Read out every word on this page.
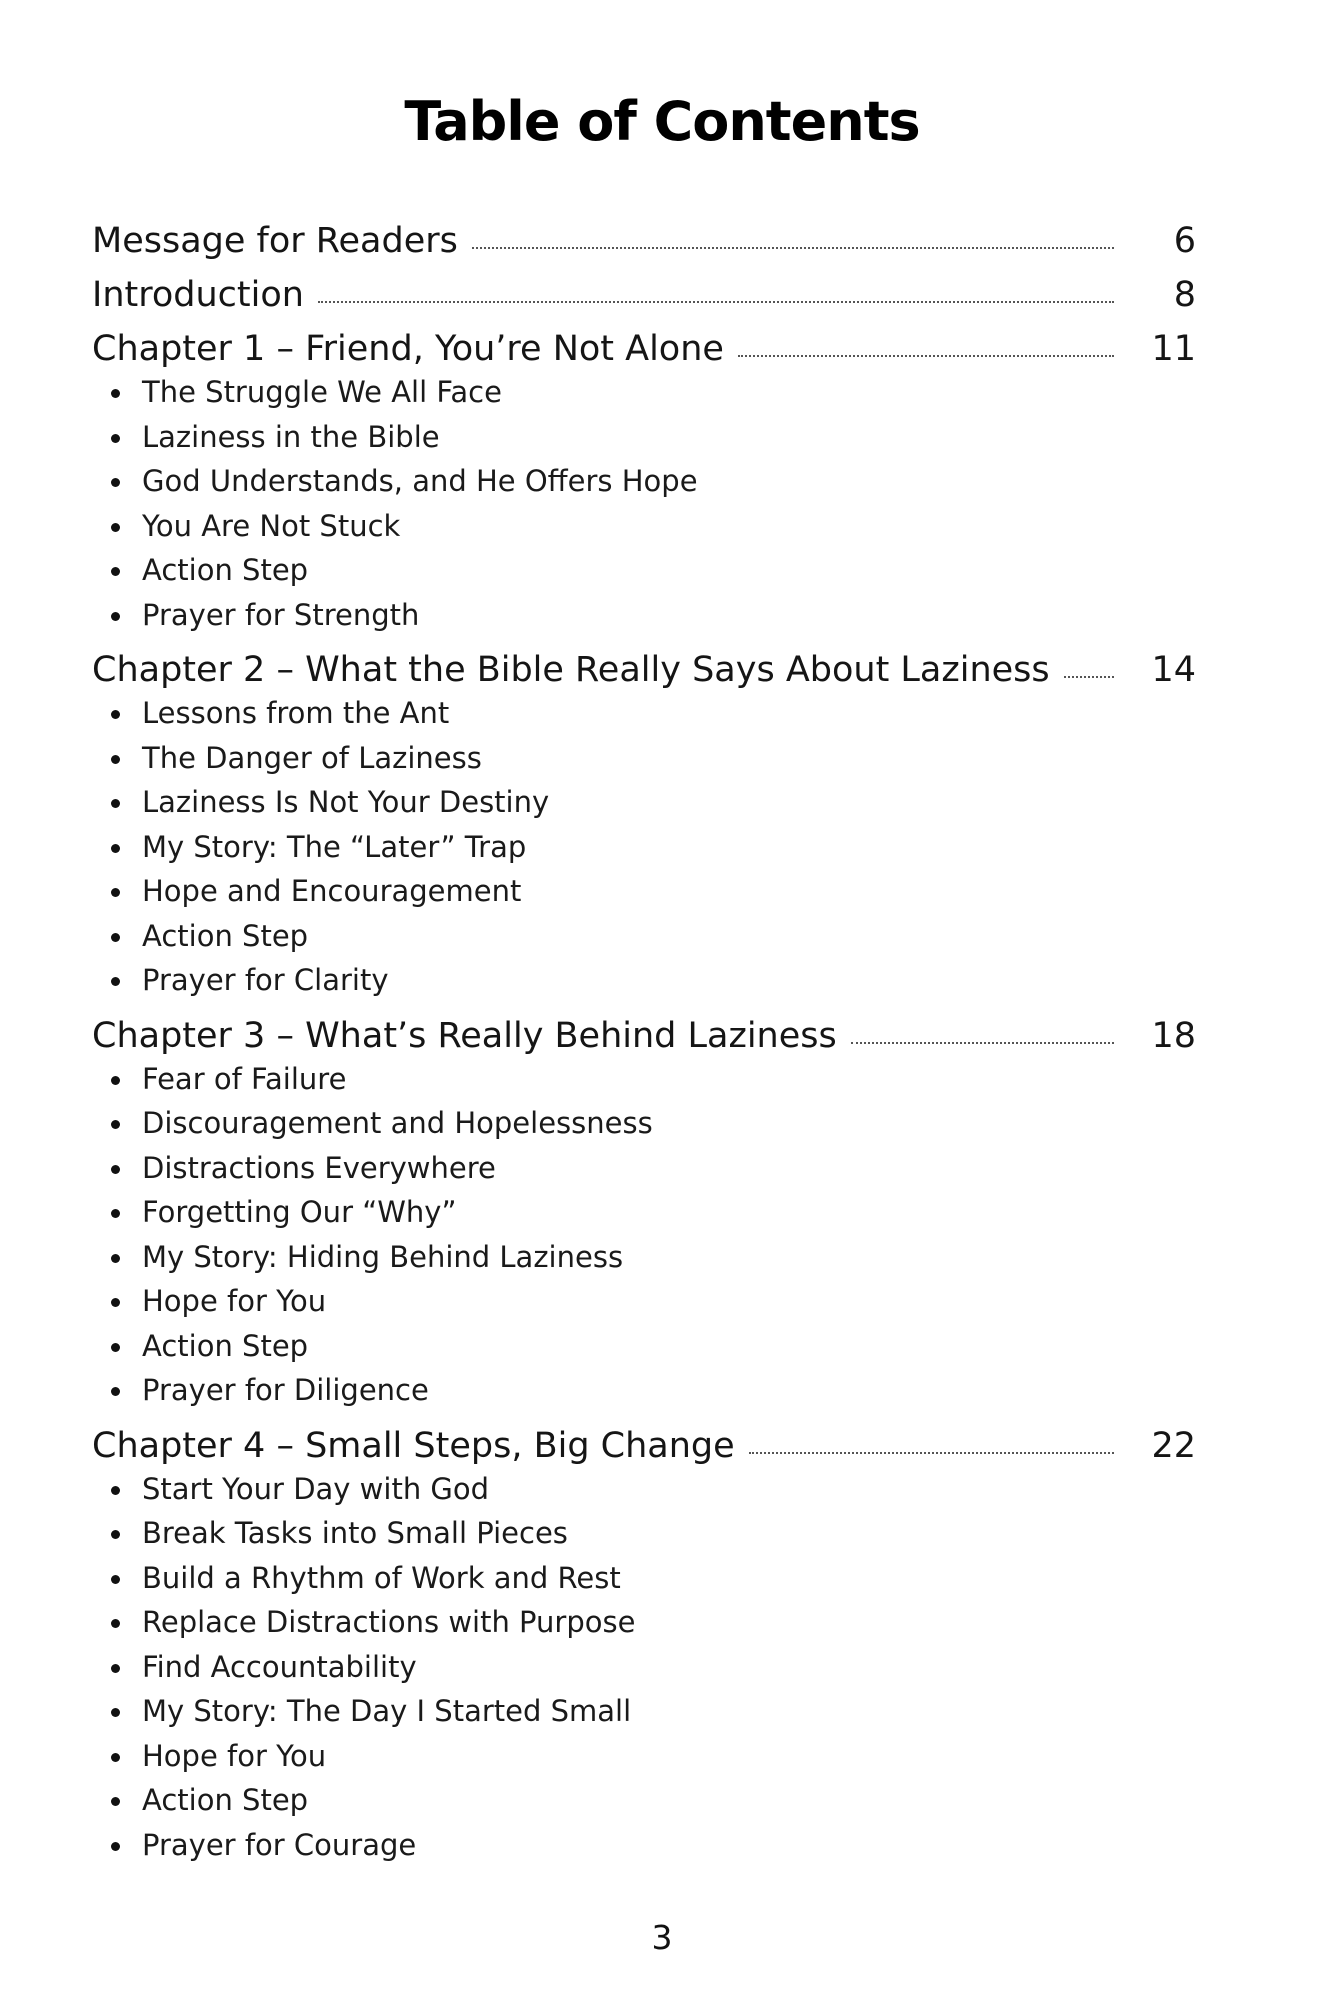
Table of Contents
Message for Readers	6
Introduction	8
Chapter 1 – Friend, You’re Not Alone	11
The Struggle We All Face
Laziness in the Bible
God Understands, and He Offers Hope
You Are Not Stuck
Action Step
Prayer for Strength
Chapter 2 – What the Bible Really Says About Laziness	14
Lessons from the Ant
The Danger of Laziness
Laziness Is Not Your Destiny
My Story: The “Later” Trap
Hope and Encouragement
Action Step
Prayer for Clarity
Chapter 3 – What’s Really Behind Laziness	18
Fear of Failure
Discouragement and Hopelessness
Distractions Everywhere
Forgetting Our “Why”
My Story: Hiding Behind Laziness
Hope for You
Action Step
Prayer for Diligence
Chapter 4 – Small Steps, Big Change	22
Start Your Day with God
Break Tasks into Small Pieces
Build a Rhythm of Work and Rest
Replace Distractions with Purpose
Find Accountability
My Story: The Day I Started Small
Hope for You
Action Step
Prayer for Courage
3
